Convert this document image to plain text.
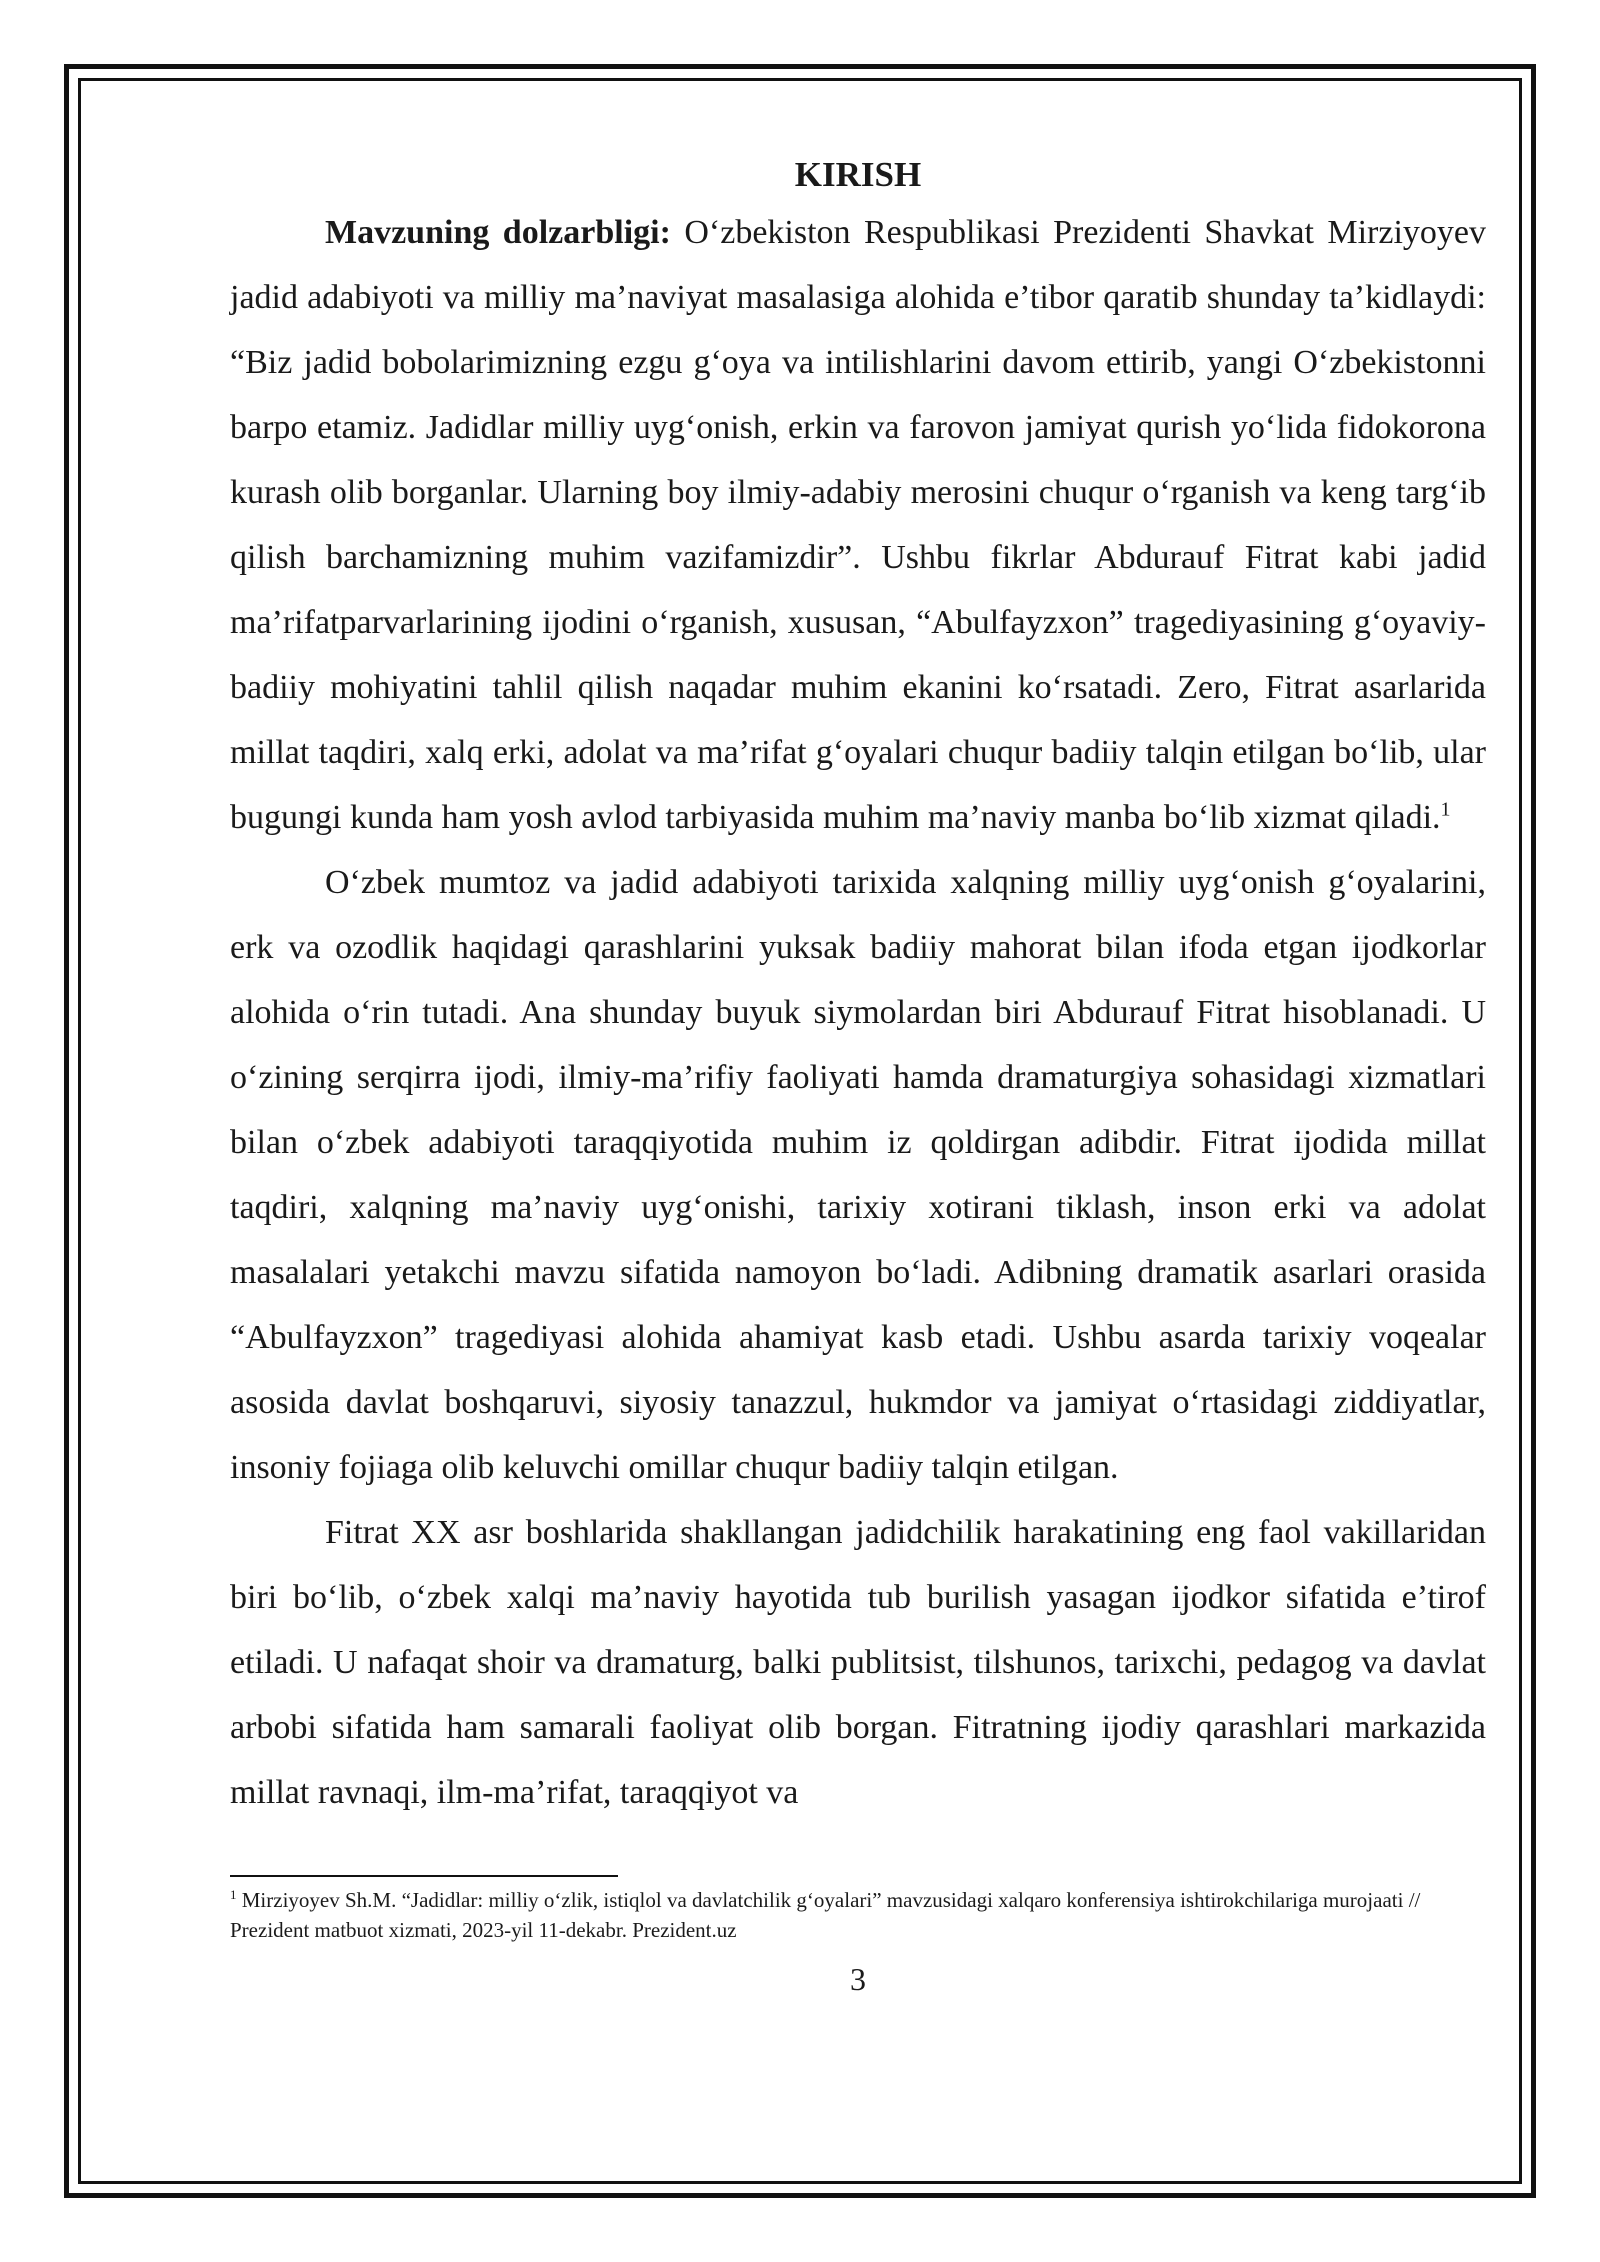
KIRISH

Mavzuning dolzarbligi: O‘zbekiston Respublikasi Prezidenti Shavkat Mirziyoyev jadid adabiyoti va milliy ma’naviyat masalasiga alohida e’tibor qaratib shunday ta’kidlaydi: “Biz jadid bobolarimizning ezgu g‘oya va intilishlarini davom ettirib, yangi O‘zbekistonni barpo etamiz. Jadidlar milliy uyg‘onish, erkin va farovon jamiyat qurish yo‘lida fidokorona kurash olib borganlar. Ularning boy ilmiy-adabiy merosini chuqur o‘rganish va keng targ‘ib qilish barchamizning muhim vazifamizdir”. Ushbu fikrlar Abdurauf Fitrat kabi jadid ma’rifatparvarlarining ijodini o‘rganish, xususan, “Abulfayzxon” tragediyasining g‘oyaviy-badiiy mohiyatini tahlil qilish naqadar muhim ekanini ko‘rsatadi. Zero, Fitrat asarlarida millat taqdiri, xalq erki, adolat va ma’rifat g‘oyalari chuqur badiiy talqin etilgan bo‘lib, ular bugungi kunda ham yosh avlod tarbiyasida muhim ma’naviy manba bo‘lib xizmat qiladi.$^1$

O‘zbek mumtoz va jadid adabiyoti tarixida xalqning milliy uyg‘onish g‘oyalarini, erk va ozodlik haqidagi qarashlarini yuksak badiiy mahorat bilan ifoda etgan ijodkorlar alohida o‘rin tutadi. Ana shunday buyuk siymolardan biri Abdurauf Fitrat hisoblanadi. U o‘zining serqirra ijodi, ilmiy-ma’rifiy faoliyati hamda dramaturgiya sohasidagi xizmatlari bilan o‘zbek adabiyoti taraqqiyotida muhim iz qoldirgan adibdir. Fitrat ijodida millat taqdiri, xalqning ma’naviy uyg‘onishi, tarixiy xotirani tiklash, inson erki va adolat masalalari yetakchi mavzu sifatida namoyon bo‘ladi. Adibning dramatik asarlari orasida “Abulfayzxon” tragediyasi alohida ahamiyat kasb etadi. Ushbu asarda tarixiy voqealar asosida davlat boshqaruvi, siyosiy tanazzul, hukmdor va jamiyat o‘rtasidagi ziddiyatlar, insoniy fojiaga olib keluvchi omillar chuqur badiiy talqin etilgan.

Fitrat XX asr boshlarida shakllangan jadidchilik harakatining eng faol vakillaridan biri bo‘lib, o‘zbek xalqi ma’naviy hayotida tub burilish yasagan ijodkor sifatida e’tirof etiladi. U nafaqat shoir va dramaturg, balki publitsist, tilshunos, tarixchi, pedagog va davlat arbobi sifatida ham samarali faoliyat olib borgan. Fitratning ijodiy qarashlari markazida millat ravnaqi, ilm-ma’rifat, taraqqiyot va

$^1$ Mirziyoyev Sh.M. “Jadidlar: milliy o‘zlik, istiqlol va davlatchilik g‘oyalari” mavzusidagi xalqaro konferensiya ishtirokchilariga murojaati // Prezident matbuot xizmati, 2023-yil 11-dekabr. Prezident.uz
3
